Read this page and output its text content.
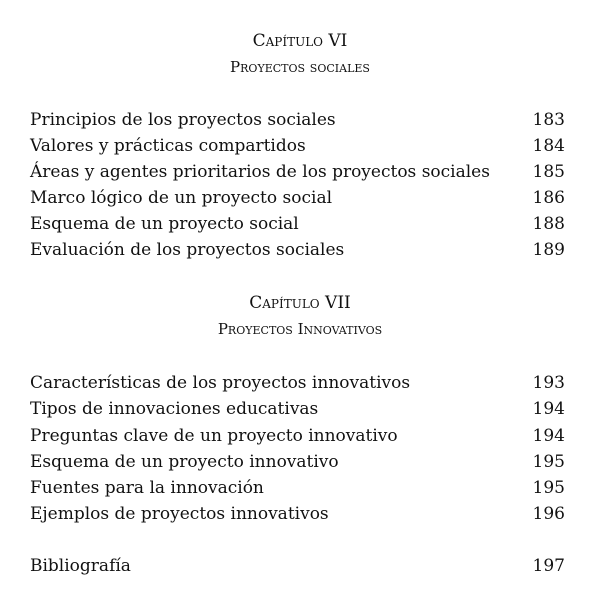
Capítulo VI
Proyectos sociales
Principios de los proyectos sociales	183
Valores y prácticas compartidos	184
Áreas y agentes prioritarios de los proyectos sociales	185
Marco lógico de un proyecto social	186
Esquema de un proyecto social	188
Evaluación de los proyectos sociales	189
Capítulo VII
Proyectos Innovativos
Características de los proyectos innovativos	193
Tipos de innovaciones educativas	194
Preguntas clave de un proyecto innovativo	194
Esquema de un proyecto innovativo	195
Fuentes para la innovación	195
Ejemplos de proyectos innovativos	196
Bibliografía	197
